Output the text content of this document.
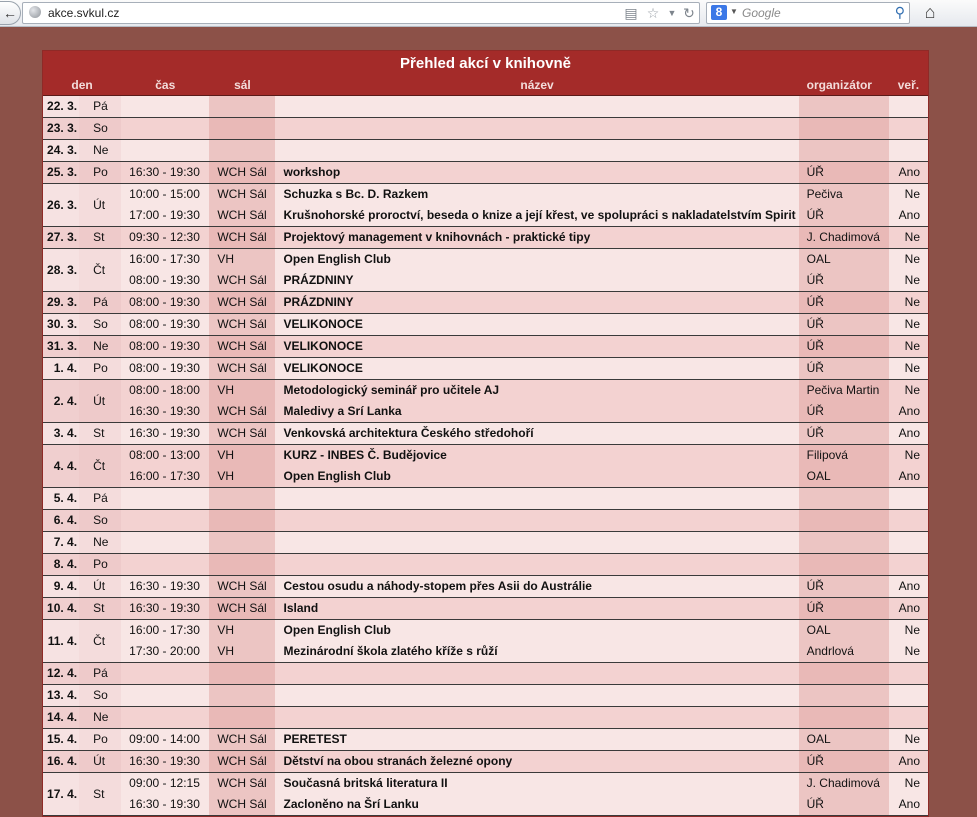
←	akce.svkul.cz	▤ ☆ ▼ ↻	8 ▼
Google	⚲	⌂
Přehled akcí v knihovně						
den		čas	sál	název	organizátor	veř.
22. 3.	Pá					
23. 3.	So					
24. 3.	Ne					
25. 3.	Po	16:30 - 19:30	WCH Sál	workshop	ÚŘ	Ano
26. 3.	Út	10:00 - 15:00	WCH Sál	Schuzka s Bc. D. Razkem	Pečiva	Ne
		17:00 - 19:30	WCH Sál	Krušnohorské proroctví, beseda o knize a její křest, ve spolupráci s nakladatelstvím Spirit	ÚŘ	Ano
27. 3.	St	09:30 - 12:30	WCH Sál	Projektový management v knihovnách - praktické tipy	J. Chadimová	Ne
28. 3.	Čt	16:00 - 17:30	VH	Open English Club	OAL	Ne
		08:00 - 19:30	WCH Sál	PRÁZDNINY	ÚŘ	Ne
29. 3.	Pá	08:00 - 19:30	WCH Sál	PRÁZDNINY	ÚŘ	Ne
30. 3.	So	08:00 - 19:30	WCH Sál	VELIKONOCE	ÚŘ	Ne
31. 3.	Ne	08:00 - 19:30	WCH Sál	VELIKONOCE	ÚŘ	Ne
1. 4.	Po	08:00 - 19:30	WCH Sál	VELIKONOCE	ÚŘ	Ne
2. 4.	Út	08:00 - 18:00	VH	Metodologický seminář pro učitele AJ	Pečiva Martin	Ne
		16:30 - 19:30	WCH Sál	Maledivy a Srí Lanka	ÚŘ	Ano
3. 4.	St	16:30 - 19:30	WCH Sál	Venkovská architektura Českého středohoří	ÚŘ	Ano
4. 4.	Čt	08:00 - 13:00	VH	KURZ - INBES Č. Budějovice	Filipová	Ne
		16:00 - 17:30	VH	Open English Club	OAL	Ano
5. 4.	Pá					
6. 4.	So					
7. 4.	Ne					
8. 4.	Po					
9. 4.	Út	16:30 - 19:30	WCH Sál	Cestou osudu a náhody-stopem přes Asii do Austrálie	ÚŘ	Ano
10. 4.	St	16:30 - 19:30	WCH Sál	Island	ÚŘ	Ano
11. 4.	Čt	16:00 - 17:30	VH	Open English Club	OAL	Ne
		17:30 - 20:00	VH	Mezinárodní škola zlatého kříže s růží	Andrlová	Ne
12. 4.	Pá					
13. 4.	So					
14. 4.	Ne					
15. 4.	Po	09:00 - 14:00	WCH Sál	PERETEST	OAL	Ne
16. 4.	Út	16:30 - 19:30	WCH Sál	Dětství na obou stranách železné opony	ÚŘ	Ano
17. 4.	St	09:00 - 12:15	WCH Sál	Současná britská literatura II	J. Chadimová	Ne
		16:30 - 19:30	WCH Sál	Zacloněno na Šrí Lanku	ÚŘ	Ano
